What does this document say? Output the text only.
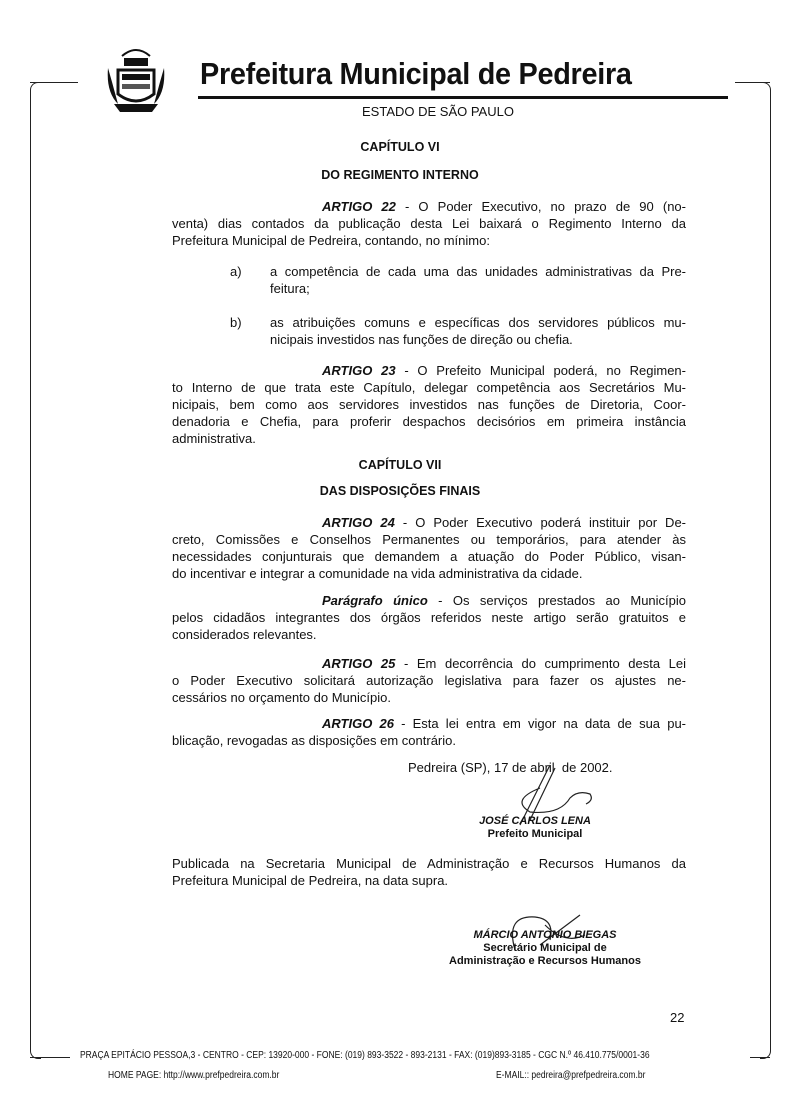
Prefeitura Municipal de Pedreira
ESTADO DE SÃO PAULO
CAPÍTULO VI
DO REGIMENTO INTERNO
ARTIGO 22 - O Poder Executivo, no prazo de 90 (no-
venta) dias contados da publicação desta Lei baixará o Regimento Interno da
Prefeitura Municipal de Pedreira, contando, no mínimo:
a) a competência de cada uma das unidades administrativas da Pre-
feitura;
b) as atribuições comuns e específicas dos servidores públicos mu-
nicipais investidos nas funções de direção ou chefia.
ARTIGO 23 - O Prefeito Municipal poderá, no Regimen-
to Interno de que trata este Capítulo, delegar competência aos Secretários Mu-
nicipais, bem como aos servidores investidos nas funções de Diretoria, Coor-
denadoria e Chefia, para proferir despachos decisórios em primeira instância
administrativa.
CAPÍTULO VII
DAS DISPOSIÇÕES FINAIS
ARTIGO 24 - O Poder Executivo poderá instituir por De-
creto, Comissões e Conselhos Permanentes ou temporários, para atender às
necessidades conjunturais que demandem a atuação do Poder Público, visan-
do incentivar e integrar a comunidade na vida administrativa da cidade.
Parágrafo único - Os serviços prestados ao Município
pelos cidadãos integrantes dos órgãos referidos neste artigo serão gratuitos e
considerados relevantes.
ARTIGO 25 - Em decorrência do cumprimento desta Lei
o Poder Executivo solicitará autorização legislativa para fazer os ajustes ne-
cessários no orçamento do Município.
ARTIGO 26 - Esta lei entra em vigor na data de sua pu-
blicação, revogadas as disposições em contrário.
Pedreira (SP), 17 de abril  de 2002.
JOSÉ CARLOS LENA
Prefeito Municipal
Publicada na Secretaria Municipal de Administração e Recursos Humanos da
Prefeitura Municipal de Pedreira, na data supra.
MÁRCIO ANTONIO BIEGAS
Secretário Municipal de
Administração e Recursos Humanos
22
PRAÇA EPITÁCIO PESSOA,3 - CENTRO - CEP: 13920-000 - FONE: (019) 893-3522 - 893-2131 - FAX: (019)893-3185 - CGC N.º 46.410.775/0001-36
HOME PAGE: http://www.prefpedreira.com.br	E-MAIL:: pedreira@prefpedreira.com.br
